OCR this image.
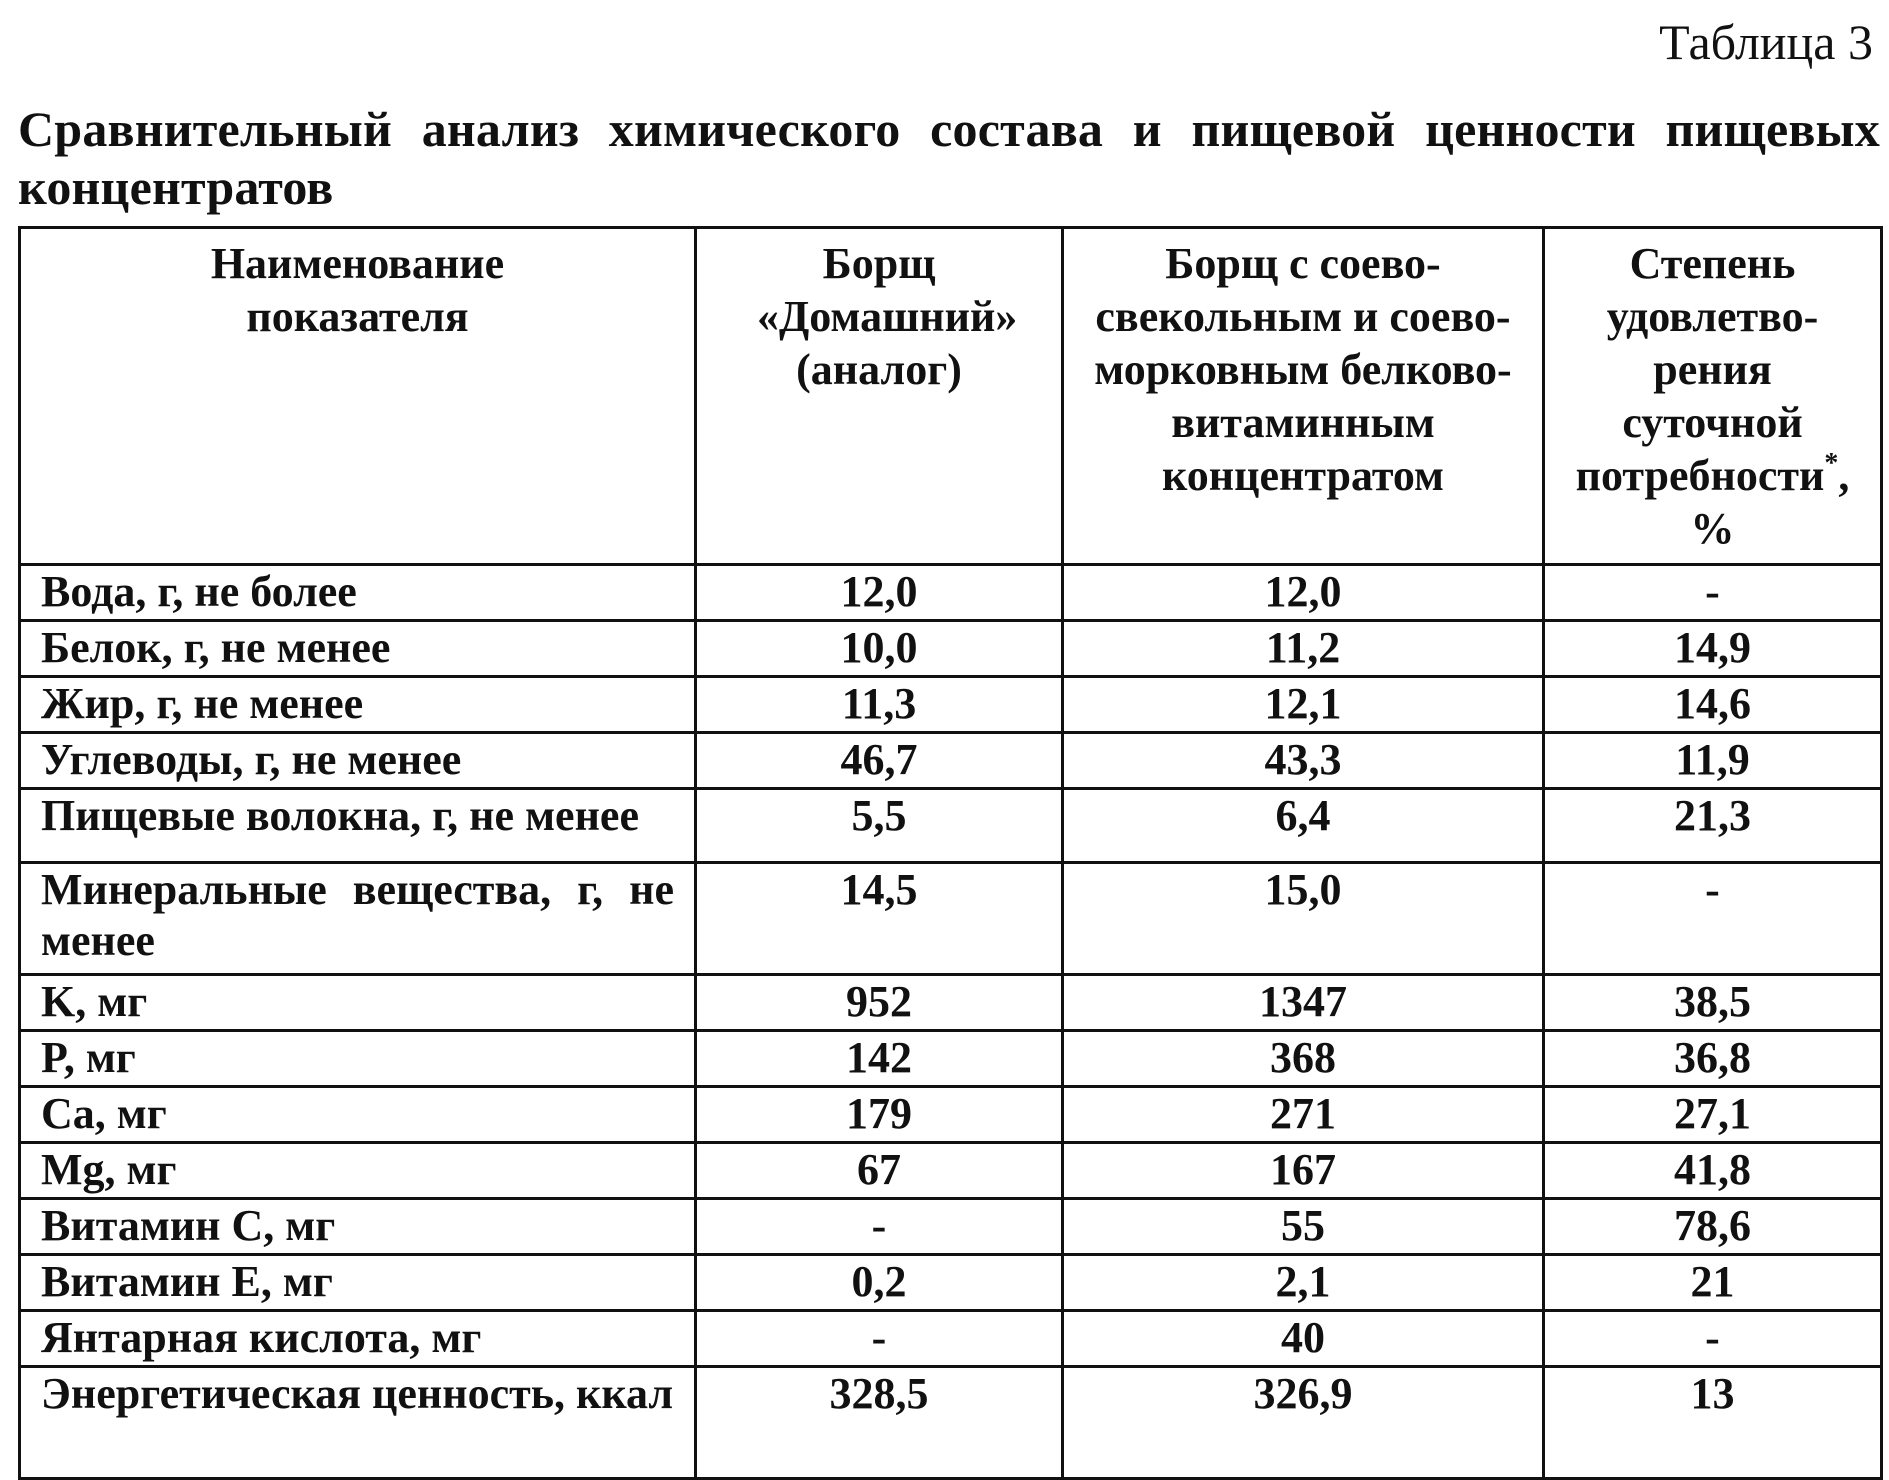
Таблица 3
Сравнительный анализ химического состава и пищевой ценности пищевых концентратов
Наименование показателя	Борщ «Домашний» (аналог)	Борщ с соево-свекольным и соево-морковным белково-витаминным концентратом	Степень удовлетво-рения суточной потребности*, %
Вода, г, не более	12,0	12,0	-
Белок, г, не менее	10,0	11,2	14,9
Жир, г, не менее	11,3	12,1	14,6
Углеводы, г, не менее	46,7	43,3	11,9
Пищевые волокна, г, не менее	5,5	6,4	21,3
Минеральные вещества, г, не менее	14,5	15,0	-
K, мг	952	1347	38,5
P, мг	142	368	36,8
Ca, мг	179	271	27,1
Mg, мг	67	167	41,8
Витамин C, мг	-	55	78,6
Витамин E, мг	0,2	2,1	21
Янтарная кислота, мг	-	40	-
Энергетическая ценность, ккал	328,5	326,9	13
